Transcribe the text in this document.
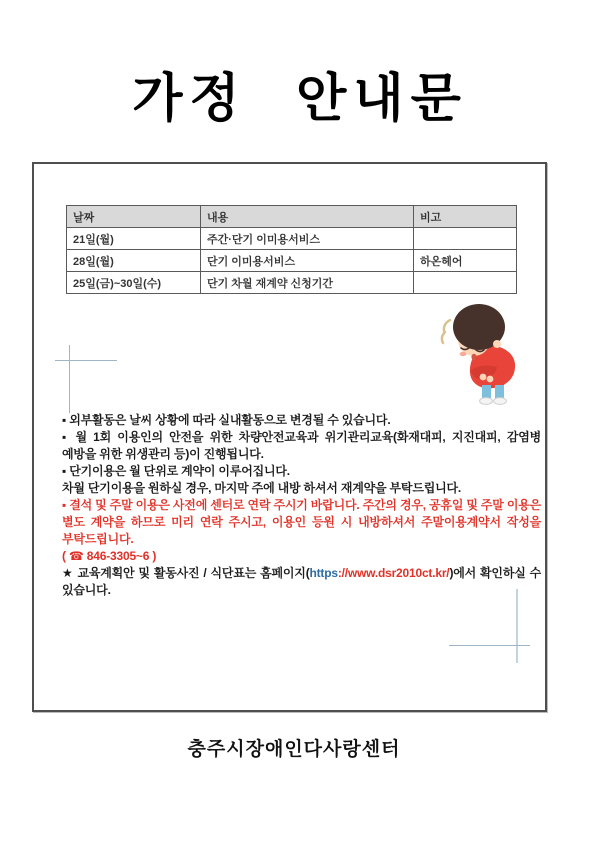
가정 안내문
날짜	내용	비고
21일(월)	주간·단기 이미용서비스	
28일(월)	단기 이미용서비스	하온헤어
25일(금)~30일(수)	단기 차월 재계약 신청기간	

▪ 외부활동은 날씨 상황에 따라 실내활동으로 변경될 수 있습니다.

▪ 월 1회 이용인의 안전을 위한 차량안전교육과 위기관리교육(화재대피, 지진대피, 감염병 예방을 위한 위생관리 등)이 진행됩니다.

▪ 단기이용은 월 단위로 계약이 이루어집니다.

차월 단기이용을 원하실 경우, 마지막 주에 내방 하셔서 재계약을 부탁드립니다.

▪ 결석 및 주말 이용은 사전에 센터로 연락 주시기 바랍니다. 주간의 경우, 공휴일 및 주말 이용은 별도 계약을 하므로 미리 연락 주시고, 이용인 등원 시 내방하셔서 주말이용계약서 작성을 부탁드립니다.

( ☎ 846-3305~6 )

★ 교육계획안 및 활동사진 / 식단표는 홈페이지(https://www.dsr2010ct.kr/)에서 확인하실 수 있습니다.

충주시장애인다사랑센터
